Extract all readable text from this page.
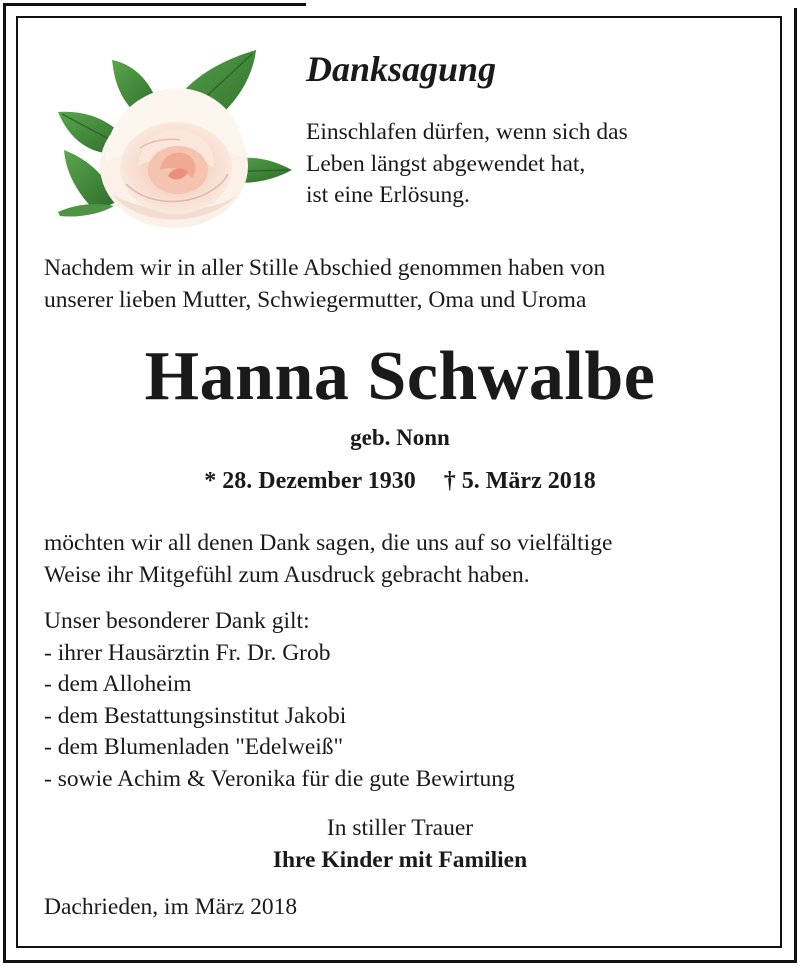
Danksagung
Einschlafen dürfen, wenn sich das
Leben längst abgewendet hat,
ist eine Erlösung.
Nachdem wir in aller Stille Abschied genommen haben von
unserer lieben Mutter, Schwiegermutter, Oma und Uroma
Hanna Schwalbe
geb. Nonn
* 28. Dezember 1930 † 5. März 2018
möchten wir all denen Dank sagen, die uns auf so vielfältige
Weise ihr Mitgefühl zum Ausdruck gebracht haben.
Unser besonderer Dank gilt:
- ihrer Hausärztin Fr. Dr. Grob
- dem Alloheim
- dem Bestattungsinstitut Jakobi
- dem Blumenladen "Edelweiß"
- sowie Achim & Veronika für die gute Bewirtung
In stiller Trauer
Ihre Kinder mit Familien
Dachrieden, im März 2018
